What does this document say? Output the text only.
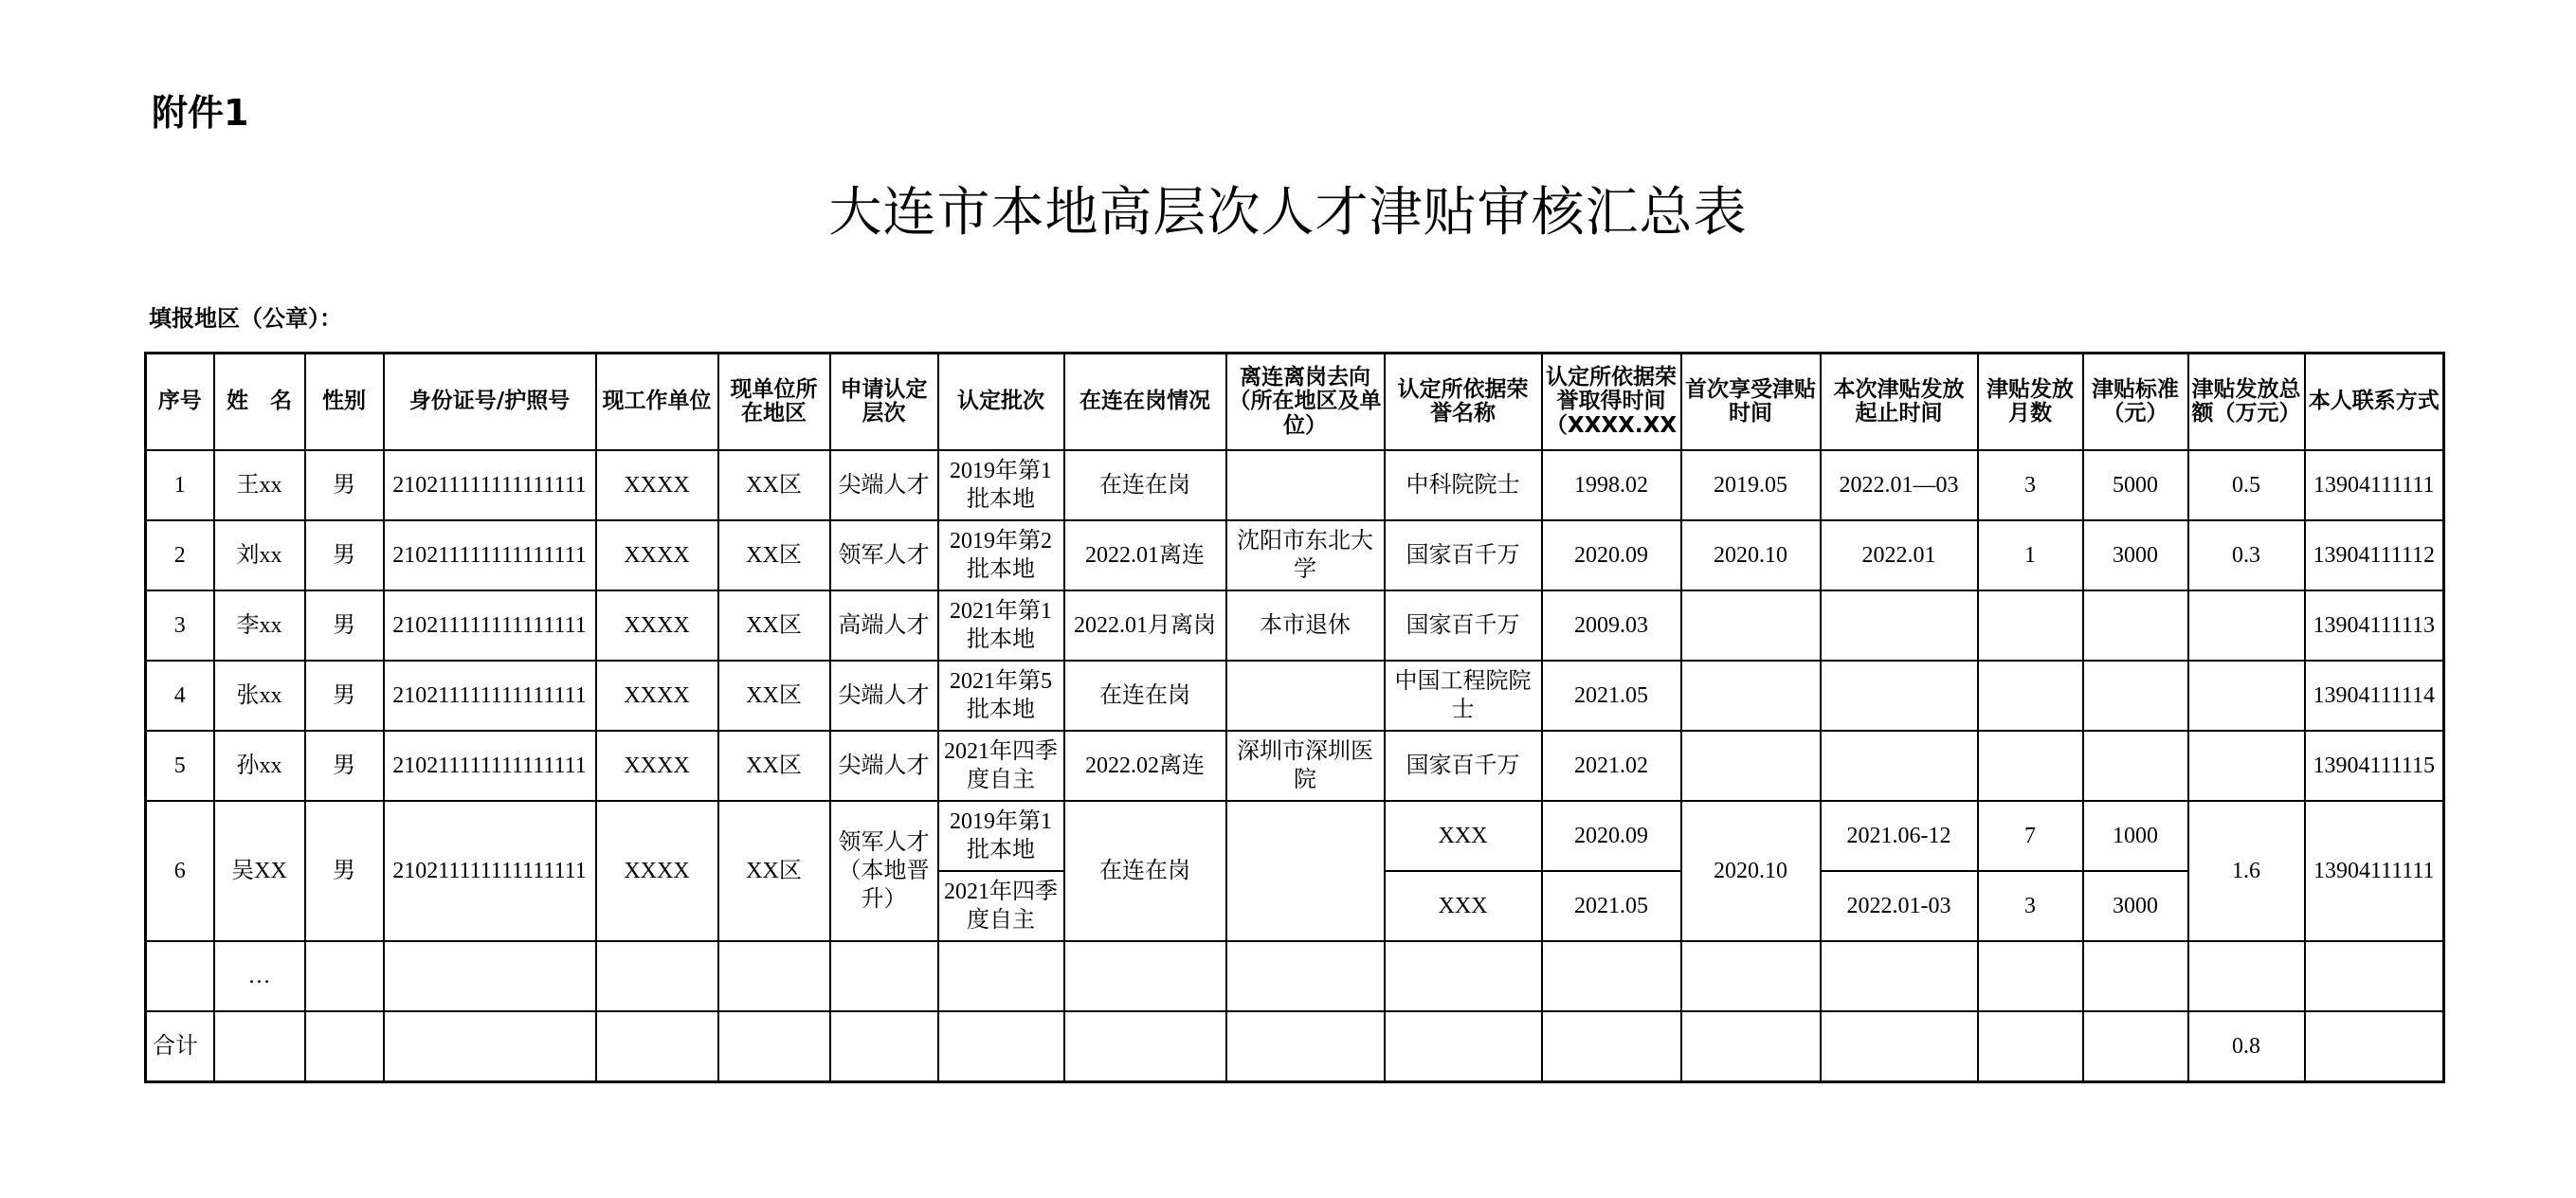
附件1
大连市本地高层次人才津贴审核汇总表
填报地区（公章）：
序号	姓　名	性别	身份证号/护照号	现工作单位	现单位所在地区	申请认定层次	认定批次	在连在岗情况	离连离岗去向（所在地区及单位）	认定所依据荣誉名称	认定所依据荣誉取得时间（XXXX.XX	首次享受津贴时间	本次津贴发放起止时间	津贴发放月数	津贴标准（元）	津贴发放总额（万元）	本人联系方式
1	王xx	男	210211111111111111	XXXX	XX区	尖端人才	2019年第1批本地	在连在岗		中科院院士	1998.02	2019.05	2022.01—03	3	5000	0.5	13904111111
2	刘xx	男	210211111111111111	XXXX	XX区	领军人才	2019年第2批本地	2022.01离连	沈阳市东北大学	国家百千万	2020.09	2020.10	2022.01	1	3000	0.3	13904111112
3	李xx	男	210211111111111111	XXXX	XX区	高端人才	2021年第1批本地	2022.01月离岗	本市退休	国家百千万	2009.03						13904111113
4	张xx	男	210211111111111111	XXXX	XX区	尖端人才	2021年第5批本地	在连在岗		中国工程院院士	2021.05						13904111114
5	孙xx	男	210211111111111111	XXXX	XX区	尖端人才	2021年四季度自主	2022.02离连	深圳市深圳医院	国家百千万	2021.02						13904111115
6	吴XX	男	210211111111111111	XXXX	XX区	领军人才（本地晋升）	2019年第1批本地	在连在岗		XXX	2020.09	2020.10	2021.06-12	7	1000	1.6	13904111111
							2021年四季度自主			XXX	2021.05		2022.01-03	3	3000		
	…																
合计																0.8	
